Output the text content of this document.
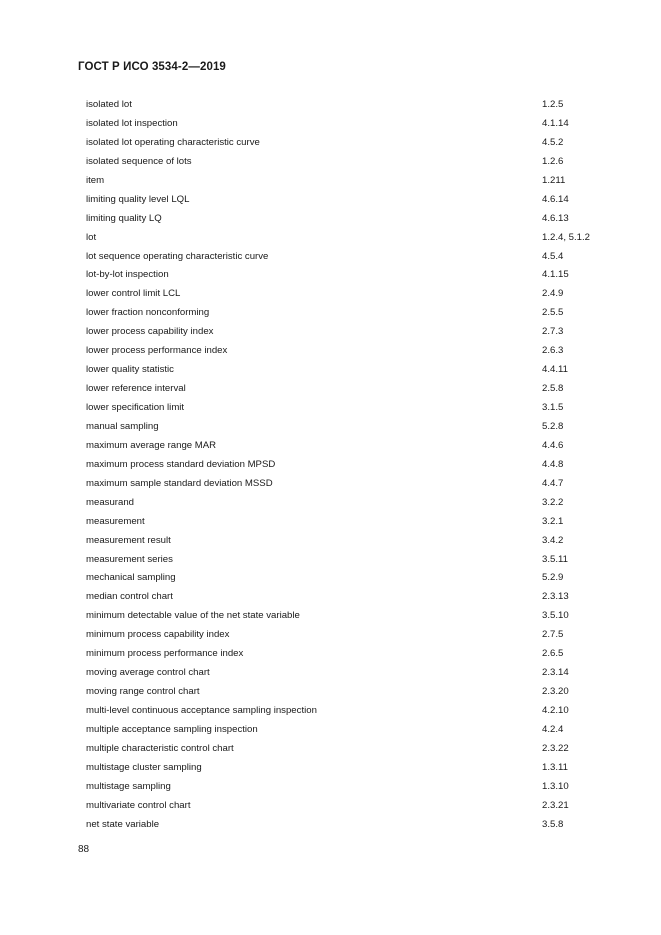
ГОСТ Р ИСО 3534-2—2019
isolated lot	1.2.5
isolated lot inspection	4.1.14
isolated lot operating characteristic curve	4.5.2
isolated sequence of lots	1.2.6
item	1.211
limiting quality level LQL	4.6.14
limiting quality LQ	4.6.13
lot	1.2.4, 5.1.2
lot sequence operating characteristic curve	4.5.4
lot-by-lot inspection	4.1.15
lower control limit LCL	2.4.9
lower fraction nonconforming	2.5.5
lower process capability index	2.7.3
lower process performance index	2.6.3
lower quality statistic	4.4.11
lower reference interval	2.5.8
lower specification limit	3.1.5
manual sampling	5.2.8
maximum average range MAR	4.4.6
maximum process standard deviation MPSD	4.4.8
maximum sample standard deviation MSSD	4.4.7
measurand	3.2.2
measurement	3.2.1
measurement result	3.4.2
measurement series	3.5.11
mechanical sampling	5.2.9
median control chart	2.3.13
minimum detectable value of the net state variable	3.5.10
minimum process capability index	2.7.5
minimum process performance index	2.6.5
moving average control chart	2.3.14
moving range control chart	2.3.20
multi-level continuous acceptance sampling inspection	4.2.10
multiple acceptance sampling inspection	4.2.4
multiple characteristic control chart	2.3.22
multistage cluster sampling	1.3.11
multistage sampling	1.3.10
multivariate control chart	2.3.21
net state variable	3.5.8
88
